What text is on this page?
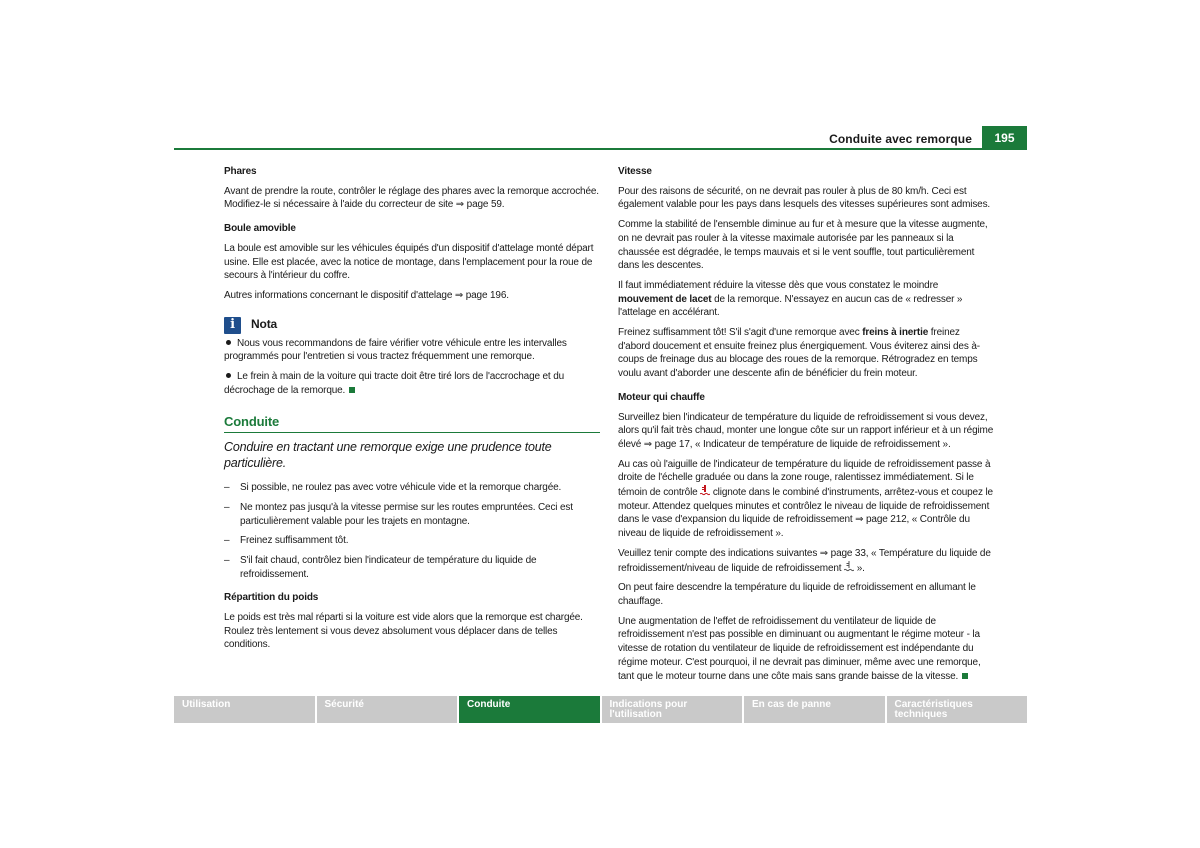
Conduite avec remorque	195

Phares

Avant de prendre la route, contrôler le réglage des phares avec la remorque accrochée. Modifiez-le si nécessaire à l'aide du correcteur de site ⇒ page 59.

Boule amovible

La boule est amovible sur les véhicules équipés d'un dispositif d'attelage monté départ usine. Elle est placée, avec la notice de montage, dans l'emplacement pour la roue de secours à l'intérieur du coffre.

Autres informations concernant le dispositif d'attelage ⇒ page 196.

i	Nota

Nous vous recommandons de faire vérifier votre véhicule entre les intervalles programmés pour l'entretien si vous tractez fréquemment une remorque.

Le frein à main de la voiture qui tracte doit être tiré lors de l'accrochage et du décrochage de la remorque.

Conduite
Conduire en tractant une remorque exige une prudence toute particulière.
–	Si possible, ne roulez pas avec votre véhicule vide et la remorque chargée.
–	Ne montez pas jusqu'à la vitesse permise sur les routes empruntées. Ceci est particulièrement valable pour les trajets en montagne.
–	Freinez suffisamment tôt.
–	S'il fait chaud, contrôlez bien l'indicateur de température du liquide de refroidissement.

Répartition du poids

Le poids est très mal réparti si la voiture est vide alors que la remorque est chargée. Roulez très lentement si vous devez absolument vous déplacer dans de telles conditions.

Vitesse

Pour des raisons de sécurité, on ne devrait pas rouler à plus de 80 km/h. Ceci est également valable pour les pays dans lesquels des vitesses supérieures sont admises.

Comme la stabilité de l'ensemble diminue au fur et à mesure que la vitesse augmente, on ne devrait pas rouler à la vitesse maximale autorisée par les panneaux si la chaussée est dégradée, le temps mauvais et si le vent souffle, tout particulièrement dans les descentes.

Il faut immédiatement réduire la vitesse dès que vous constatez le moindre mouvement de lacet de la remorque. N'essayez en aucun cas de « redresser » l'attelage en accélérant.

Freinez suffisamment tôt! S'il s'agit d'une remorque avec freins à inertie freinez d'abord doucement et ensuite freinez plus énergiquement. Vous éviterez ainsi des à-coups de freinage dus au blocage des roues de la remorque. Rétrogradez en temps voulu avant d'aborder une descente afin de bénéficier du frein moteur.

Moteur qui chauffe

Surveillez bien l'indicateur de température du liquide de refroidissement si vous devez, alors qu'il fait très chaud, monter une longue côte sur un rapport inférieur et à un régime élevé ⇒ page 17, « Indicateur de température de liquide de refroidissement ».

Au cas où l'aiguille de l'indicateur de température du liquide de refroidissement passe à droite de l'échelle graduée ou dans la zone rouge, ralentissez immédiatement. Si le témoin de contrôle  clignote dans le combiné d'instruments, arrêtez-vous et coupez le moteur. Attendez quelques minutes et contrôlez le niveau de liquide de refroidissement dans le vase d'expansion du liquide de refroidissement ⇒ page 212, « Contrôle du niveau de liquide de refroidissement ».

Veuillez tenir compte des indications suivantes ⇒ page 33, « Température du liquide de refroidissement/niveau de liquide de refroidissement  ».

On peut faire descendre la température du liquide de refroidissement en allumant le chauffage.

Une augmentation de l'effet de refroidissement du ventilateur de liquide de refroidissement n'est pas possible en diminuant ou augmentant le régime moteur - la vitesse de rotation du ventilateur de liquide de refroidissement est indépendante du régime moteur. C'est pourquoi, il ne devrait pas diminuer, même avec une remorque, tant que le moteur tourne dans une côte mais sans grande baisse de la vitesse.

Utilisation	Sécurité	Conduite	Indications pour l'utilisation
En cas de panne	Caractéristiques techniques
